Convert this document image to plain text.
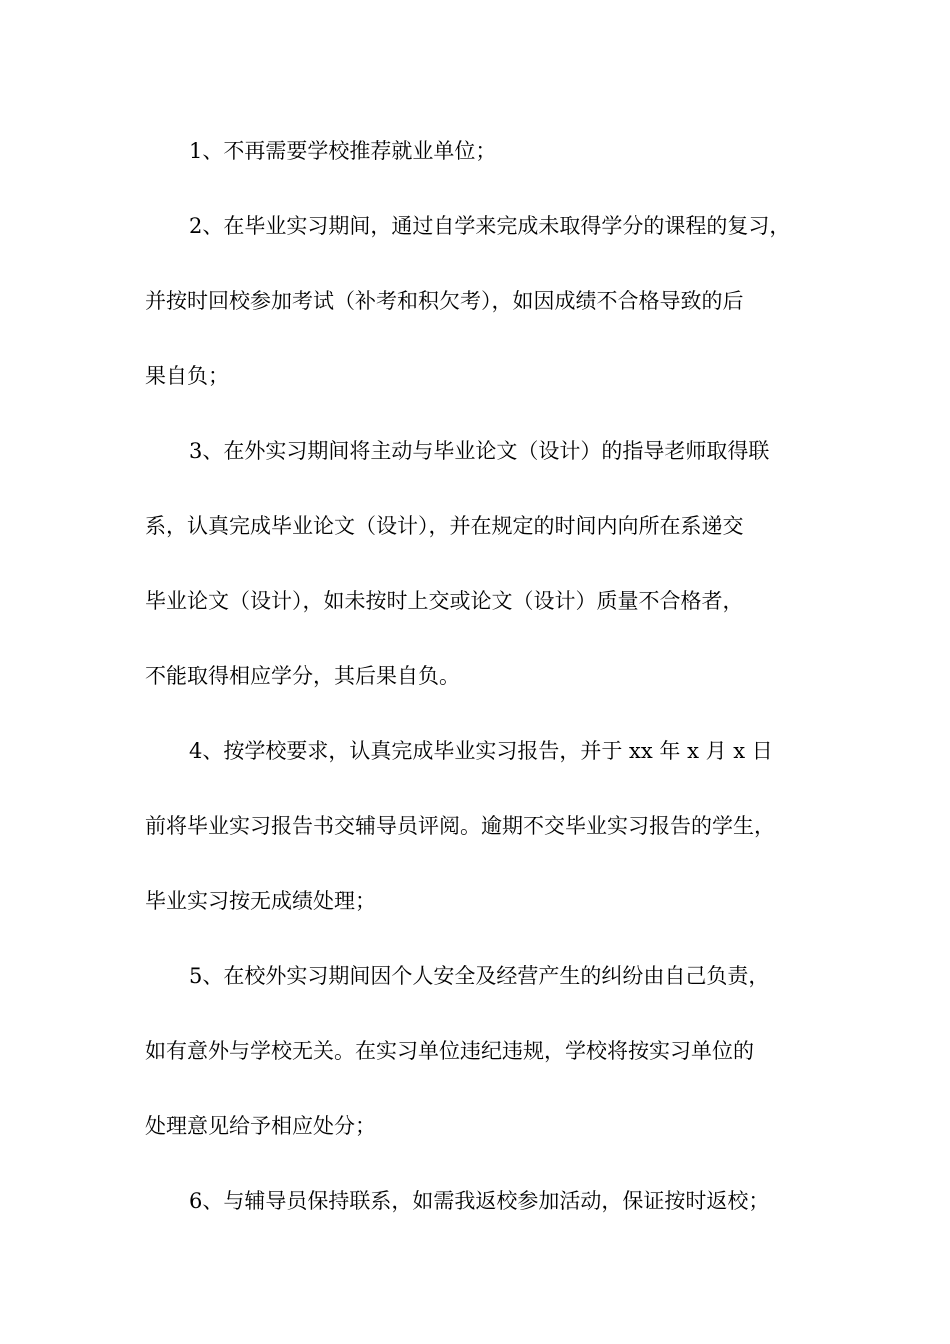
1、不再需要学校推荐就业单位；
2、在毕业实习期间，通过自学来完成未取得学分的课程的复习，
并按时回校参加考试（补考和积欠考），如因成绩不合格导致的后
果自负；
3、在外实习期间将主动与毕业论文（设计）的指导老师取得联
系，认真完成毕业论文（设计），并在规定的时间内向所在系递交
毕业论文（设计），如未按时上交或论文（设计）质量不合格者，
不能取得相应学分，其后果自负。
4、按学校要求，认真完成毕业实习报告，并于 xx 年 x 月 x 日
前将毕业实习报告书交辅导员评阅。逾期不交毕业实习报告的学生，
毕业实习按无成绩处理；
5、在校外实习期间因个人安全及经营产生的纠纷由自己负责，
如有意外与学校无关。在实习单位违纪违规，学校将按实习单位的
处理意见给予相应处分；
6、与辅导员保持联系，如需我返校参加活动，保证按时返校；
